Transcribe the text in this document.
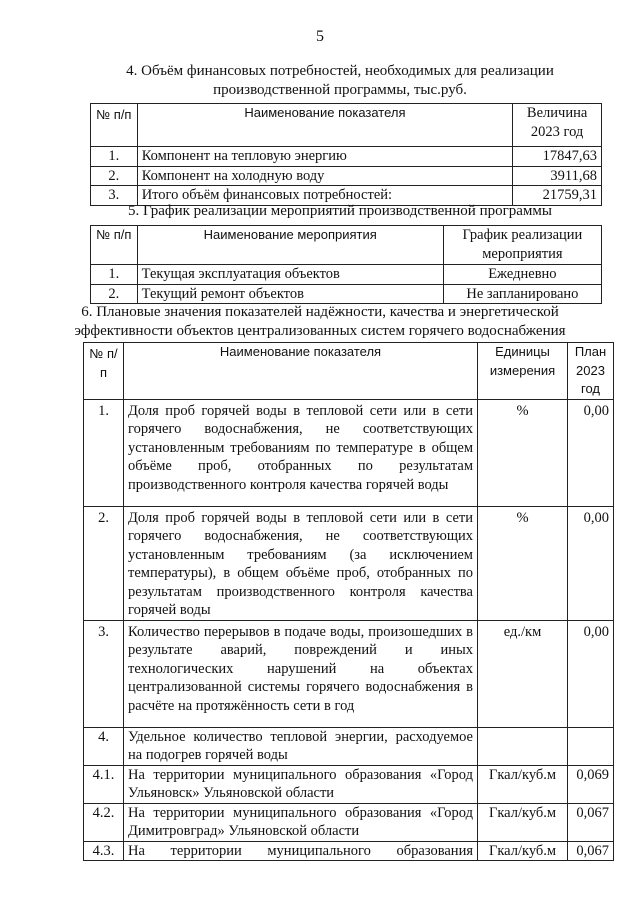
5
4. Объём финансовых потребностей, необходимых для реализации
производственной программы, тыс.руб.
№ п/п	Наименование показателя	Величина 2023 год
1.	Компонент на тепловую энергию	17847,63
2.	Компонент на холодную воду	3911,68
3.	Итого объём финансовых потребностей:	21759,31
5. График реализации мероприятий производственной программы
№ п/п	Наименование мероприятия	График реализации мероприятия
1.	Текущая эксплуатация объектов	Ежедневно
2.	Текущий ремонт объектов	Не запланировано
6. Плановые значения показателей надёжности, качества и энергетической
эффективности объектов централизованных систем горячего водоснабжения
№ п/п	Наименование показателя	Единицы измерения	План 2023 год
1.	Доля проб горячей воды в тепловой сети или в сети горячего водоснабжения, не соответствующих установленным требованиям по температуре в общем объёме проб, отобранных по результатам производственного контроля качества горячей воды	%	0,00
2.	Доля проб горячей воды в тепловой сети или в сети горячего водоснабжения, не соответствующих установленным требованиям (за исключением температуры), в общем объёме проб, отобранных по результатам производственного контроля качества горячей воды	%	0,00
3.	Количество перерывов в подаче воды, произошедших в результате аварий, повреждений и иных технологических нарушений на объектах централизованной системы горячего водоснабжения в расчёте на протяжённость сети в год	ед./км	0,00
4.	Удельное количество тепловой энергии, расходуемое на подогрев горячей воды		
4.1.	На территории муниципального образования «Город Ульяновск» Ульяновской области	Гкал/куб.м	0,069
4.2.	На территории муниципального образования «Город Димитровград» Ульяновской области	Гкал/куб.м	0,067
4.3.	На территории муниципального образования	Гкал/куб.м	0,067
